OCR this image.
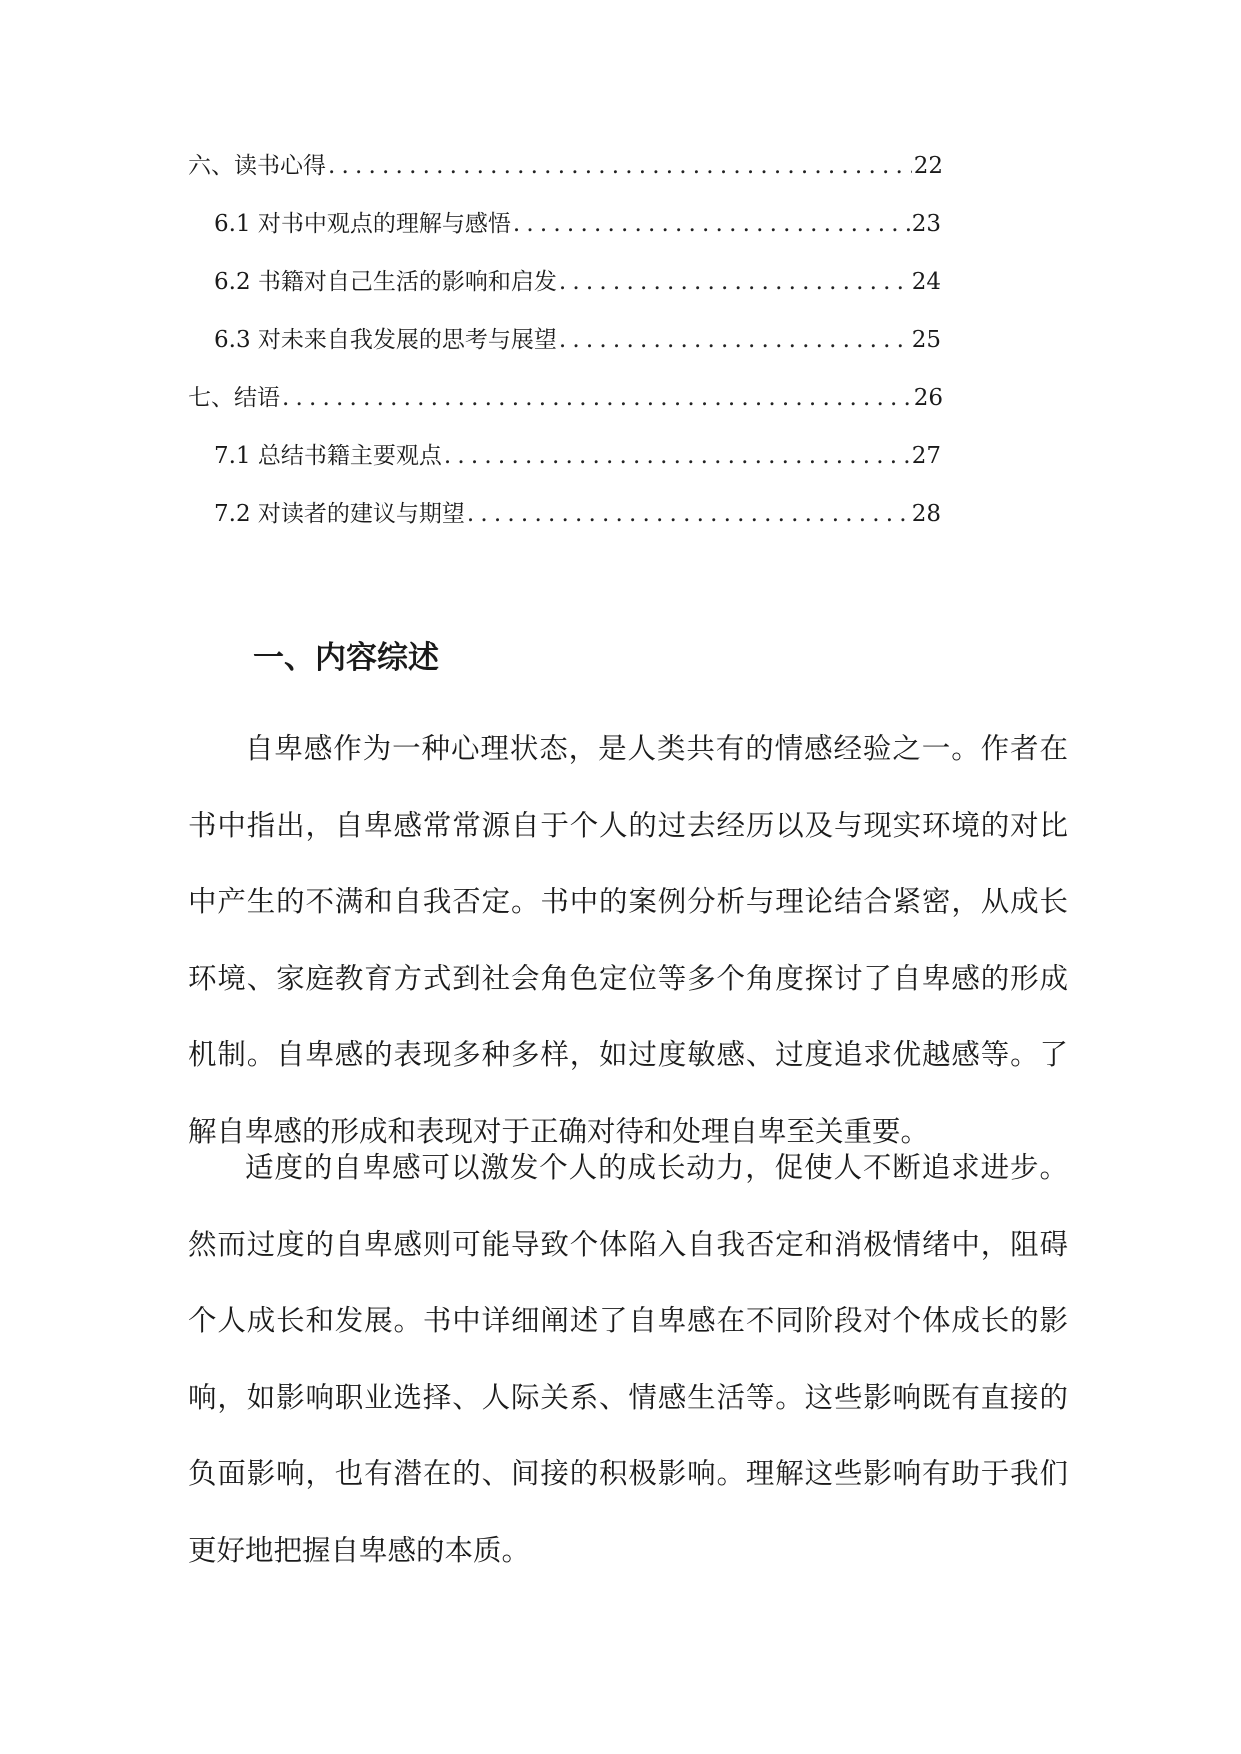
六、读书心得 .....	22
6.1 对书中观点的理解与感悟 .....	23
6.2 书籍对自己生活的影响和启发 .....	24
6.3 对未来自我发展的思考与展望 .....	25
七、结语 .....	26
7.1 总结书籍主要观点 .....	27
7.2 对读者的建议与期望 .....	28
一、内容综述

自卑感作为一种心理状态，是人类共有的情感经验之一。作者在书中指出，自卑感常常源自于个人的过去经历以及与现实环境的对比中产生的不满和自我否定。书中的案例分析与理论结合紧密，从成长环境、家庭教育方式到社会角色定位等多个角度探讨了自卑感的形成机制。自卑感的表现多种多样，如过度敏感、过度追求优越感等。了解自卑感的形成和表现对于正确对待和处理自卑至关重要。

适度的自卑感可以激发个人的成长动力，促使人不断追求进步。然而过度的自卑感则可能导致个体陷入自我否定和消极情绪中，阻碍个人成长和发展。书中详细阐述了自卑感在不同阶段对个体成长的影响，如影响职业选择、人际关系、情感生活等。这些影响既有直接的负面影响，也有潜在的、间接的积极影响。理解这些影响有助于我们更好地把握自卑感的本质。
